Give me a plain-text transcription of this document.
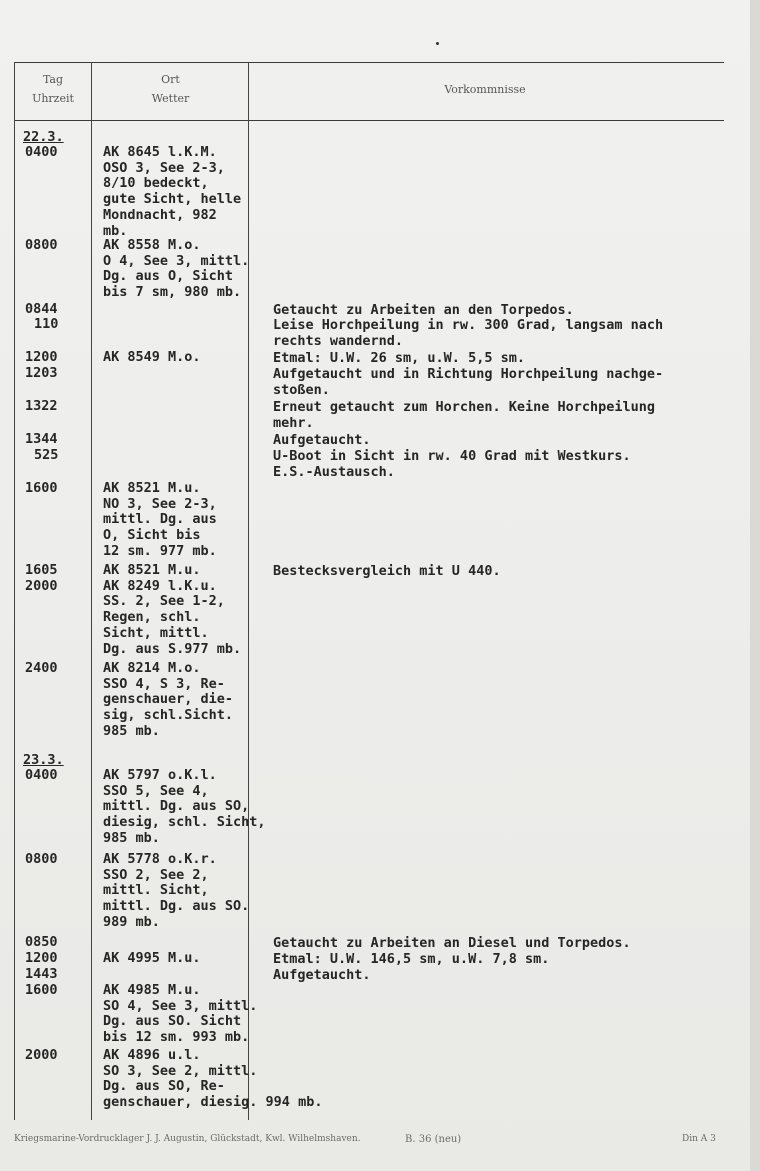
Tag
Uhrzeit
Ort
Wetter
Vorkommnisse
22.3.
23.3.
0400
0800
0844
110
1200
1203
1322
1344
525
1600
1605
2000
2400
0400
0800
0850
1200
1443
1600
2000
AK 8645 l.K.M.
OSO 3, See 2-3,
8/10 bedeckt,
gute Sicht, helle
Mondnacht, 982
mb.
AK 8558 M.o.
O 4, See 3, mittl.
Dg. aus O, Sicht
bis 7 sm, 980 mb.
AK 8549 M.o.
AK 8521 M.u.
NO 3, See 2-3,
mittl. Dg. aus
O, Sicht bis
12 sm. 977 mb.
AK 8521 M.u.
AK 8249 l.K.u.
SS. 2, See 1-2,
Regen, schl.
Sicht, mittl.
Dg. aus S.977 mb.
AK 8214 M.o.
SSO 4, S 3, Re-
genschauer, die-
sig, schl.Sicht.
985 mb.
AK 5797 o.K.l.
SSO 5, See 4,
mittl. Dg. aus SO,
diesig, schl. Sicht,
985 mb.
AK 5778 o.K.r.
SSO 2, See 2,
mittl. Sicht,
mittl. Dg. aus SO.
989 mb.
AK 4995 M.u.
AK 4985 M.u.
SO 4, See 3, mittl.
Dg. aus SO. Sicht
bis 12 sm. 993 mb.
AK 4896 u.l.
SO 3, See 2, mittl.
Dg. aus SO, Re-
genschauer, diesig. 994 mb.
Getaucht zu Arbeiten an den Torpedos.
Leise Horchpeilung in rw. 300 Grad, langsam nach
rechts wandernd.
Etmal: U.W. 26 sm, u.W. 5,5 sm.
Aufgetaucht und in Richtung Horchpeilung nachge-
stoßen.
Erneut getaucht zum Horchen. Keine Horchpeilung
mehr.
Aufgetaucht.
U-Boot in Sicht in rw. 40 Grad mit Westkurs.
E.S.-Austausch.
Bestecksvergleich mit U 440.
Getaucht zu Arbeiten an Diesel und Torpedos.
Etmal: U.W. 146,5 sm, u.W. 7,8 sm.
Aufgetaucht.
Kriegsmarine-Vordrucklager J. J. Augustin, Glückstadt, Kwl. Wilhelmshaven.	B. 36 (neu)	Din A 3
